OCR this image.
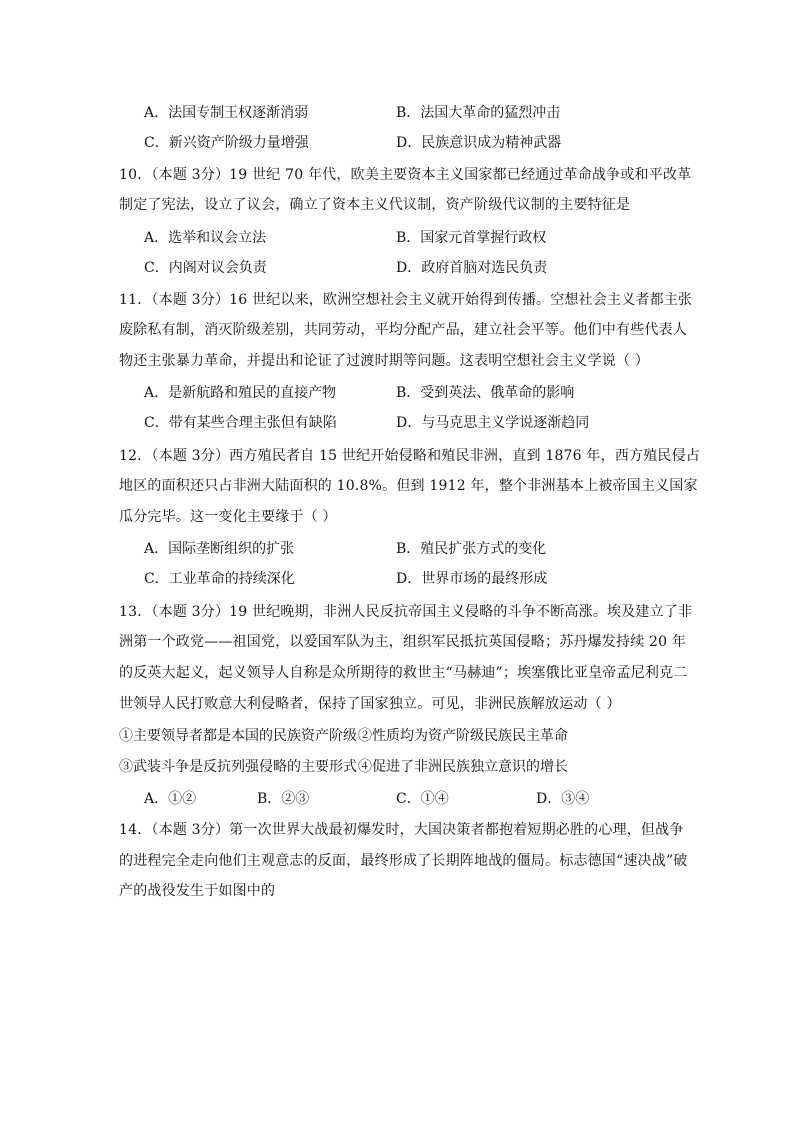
A．法国专制王权逐渐消弱	B．法国大革命的猛烈冲击
C．新兴资产阶级力量增强	D．民族意识成为精神武器
10．（本题 3分）19 世纪 70 年代，欧美主要资本主义国家都已经通过革命战争或和平改革
制定了宪法，设立了议会，确立了资本主义代议制，资产阶级代议制的主要特征是
A．选举和议会立法	B．国家元首掌握行政权
C．内阁对议会负责	D．政府首脑对选民负责
11．（本题 3分）16 世纪以来，欧洲空想社会主义就开始得到传播。空想社会主义者都主张
废除私有制，消灭阶级差别，共同劳动，平均分配产品，建立社会平等。他们中有些代表人
物还主张暴力革命，并提出和论证了过渡时期等问题。这表明空想社会主义学说（ ）
A．是新航路和殖民的直接产物	B．受到英法、俄革命的影响
C．带有某些合理主张但有缺陷	D．与马克思主义学说逐渐趋同
12．（本题 3分）西方殖民者自 15 世纪开始侵略和殖民非洲，直到 1876 年，西方殖民侵占
地区的面积还只占非洲大陆面积的 10.8%。但到 1912 年，整个非洲基本上被帝国主义国家
瓜分完毕。这一变化主要缘于（ ）
A．国际垄断组织的扩张	B．殖民扩张方式的变化
C．工业革命的持续深化	D．世界市场的最终形成
13．（本题 3分）19 世纪晚期，非洲人民反抗帝国主义侵略的斗争不断高涨。埃及建立了非
洲第一个政党——祖国党，以爱国军队为主，组织军民抵抗英国侵略；苏丹爆发持续 20 年
的反英大起义，起义领导人自称是众所期待的救世主“马赫迪”；埃塞俄比亚皇帝孟尼利克二
世领导人民打败意大利侵略者，保持了国家独立。可见，非洲民族解放运动（ ）
①主要领导者都是本国的民族资产阶级 ②性质均为资产阶级民族民主革命
③武装斗争是反抗列强侵略的主要形式 ④促进了非洲民族独立意识的增长
A．①②	B．②③	C．①④	D．③④
14．（本题 3分）第一次世界大战最初爆发时，大国决策者都抱着短期必胜的心理，但战争
的进程完全走向他们主观意志的反面，最终形成了长期阵地战的僵局。标志德国“速决战”破
产的战役发生于如图中的
